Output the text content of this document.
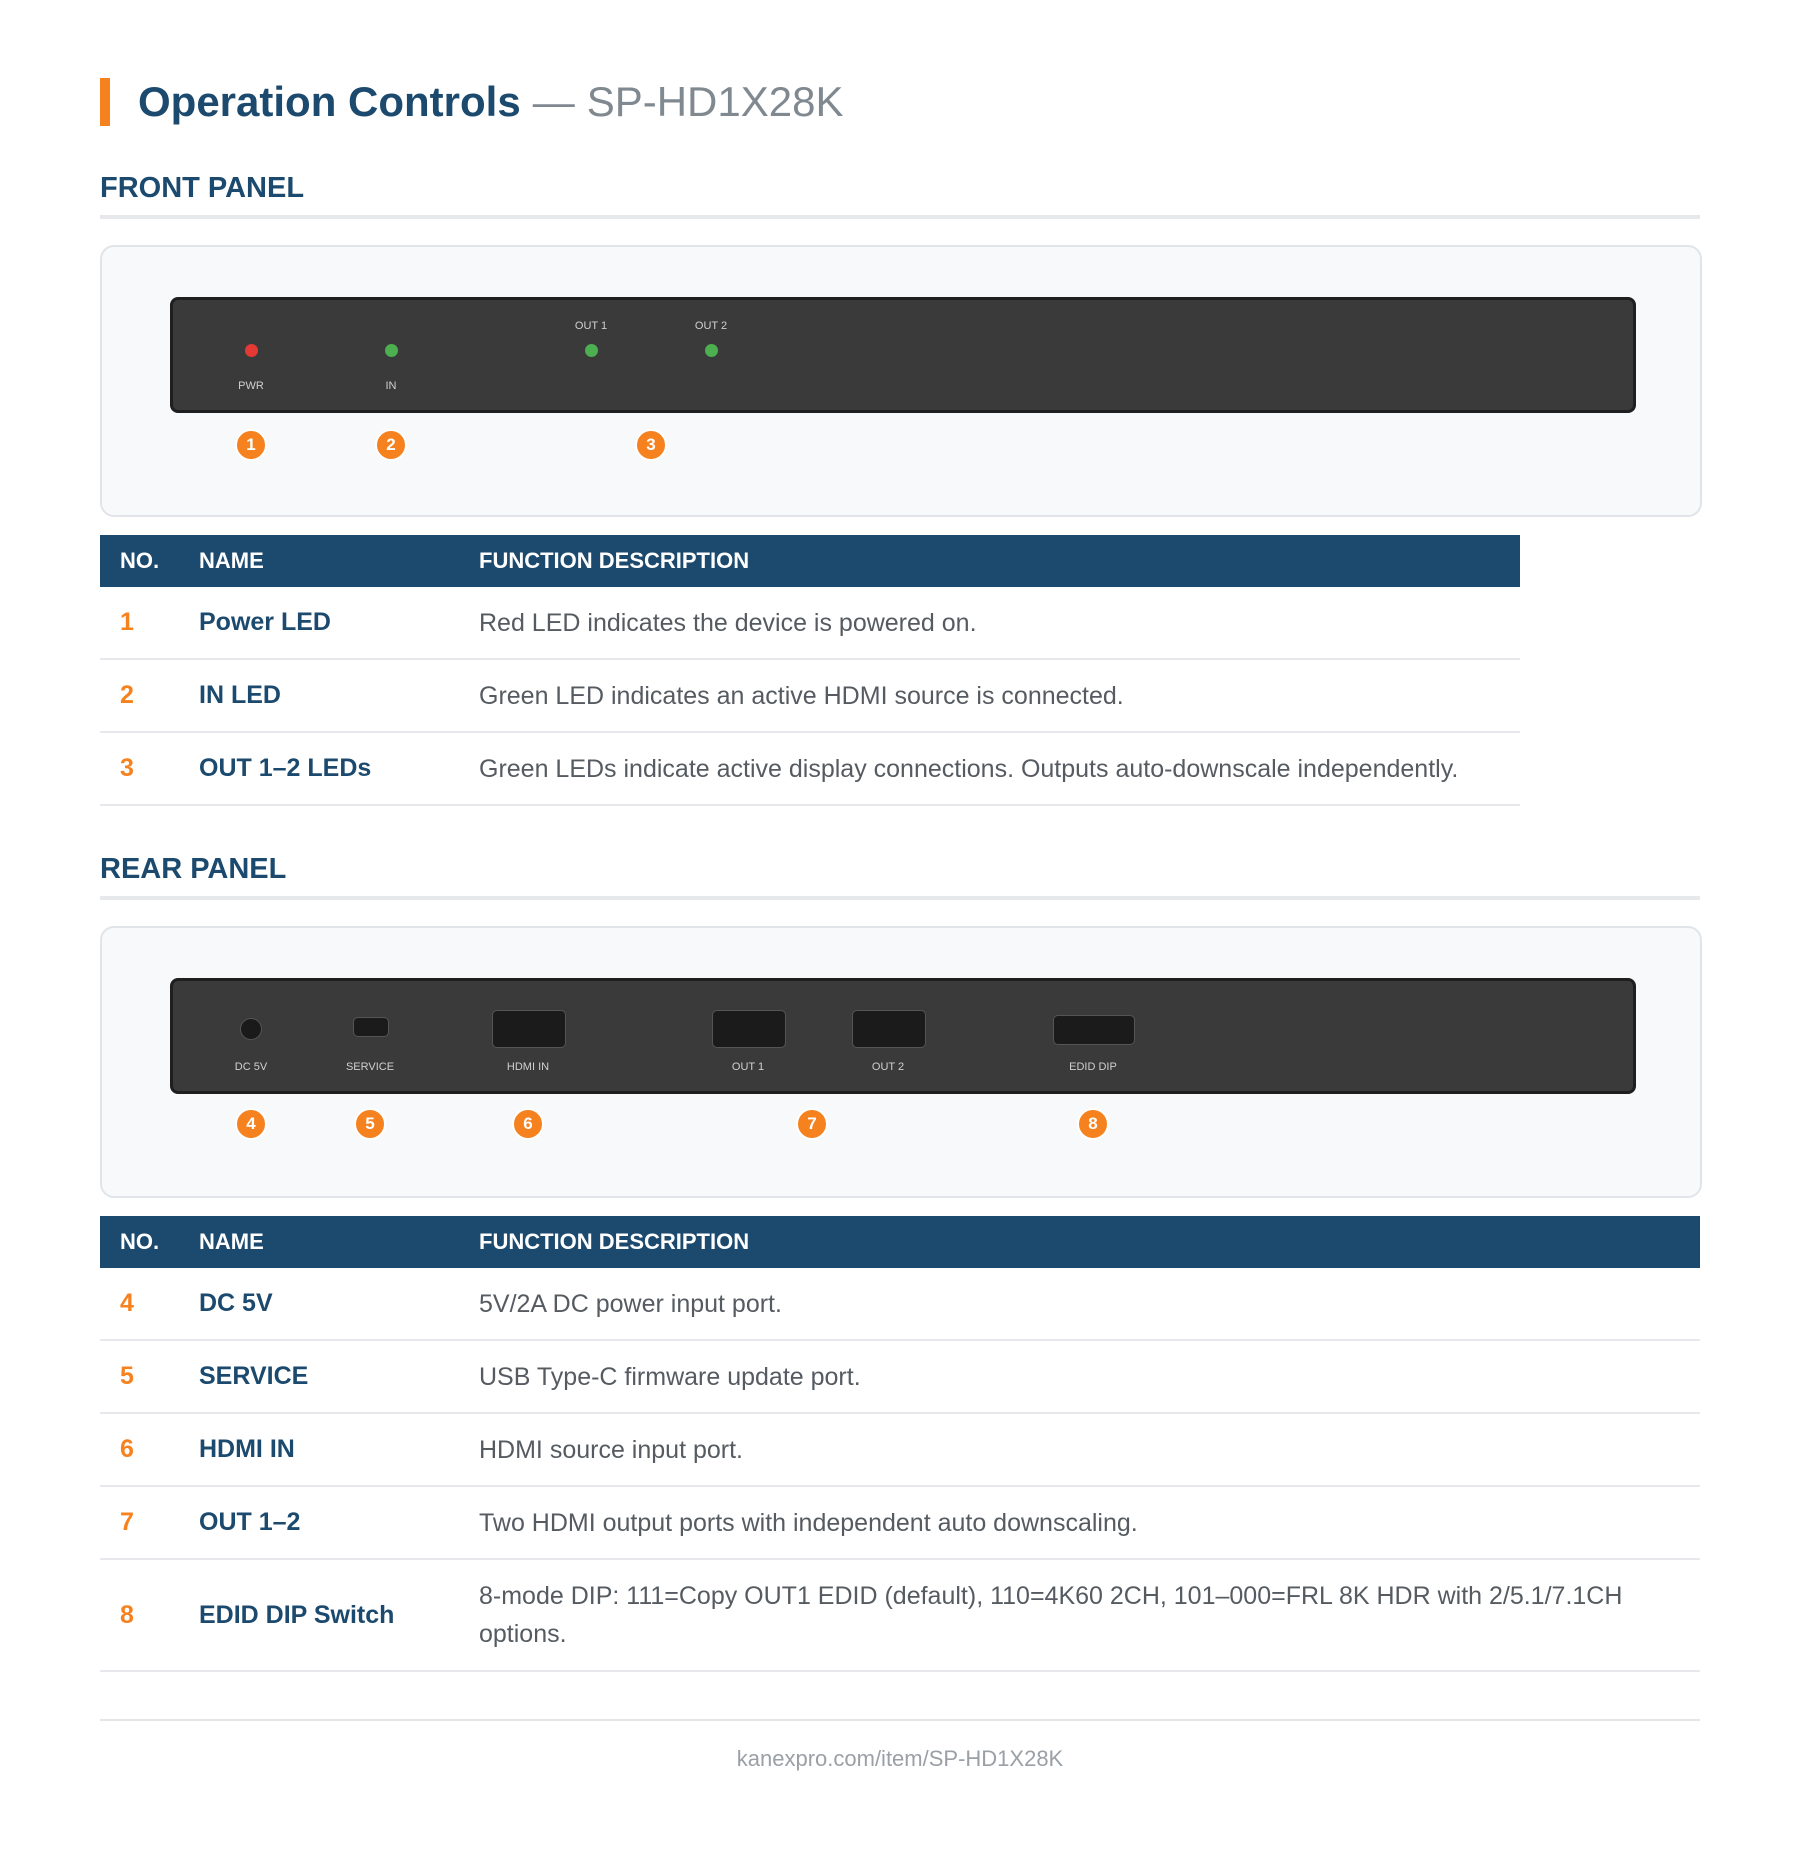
Operation Controls — SP-HD1X28K
FRONT PANEL
PWR	IN
OUT 1	OUT 2
1	2	3
NO.	NAME	FUNCTION DESCRIPTION
1	Power LED	Red LED indicates the device is powered on.
2	IN LED	Green LED indicates an active HDMI source is connected.
3	OUT 1–2 LEDs	Green LEDs indicate active display connections. Outputs auto-downscale independently.
REAR PANEL
DC 5V	SERVICE	HDMI IN	OUT 1	OUT 2	EDID DIP
4	5	6	7	8
NO.	NAME	FUNCTION DESCRIPTION
4	DC 5V	5V/2A DC power input port.
5	SERVICE	USB Type-C firmware update port.
6	HDMI IN	HDMI source input port.
7	OUT 1–2	Two HDMI output ports with independent auto downscaling.
8	EDID DIP Switch	8-mode DIP: 111=Copy OUT1 EDID (default), 110=4K60 2CH, 101–000=FRL 8K HDR with 2/5.1/7.1CH options.
kanexpro.com/item/SP-HD1X28K
